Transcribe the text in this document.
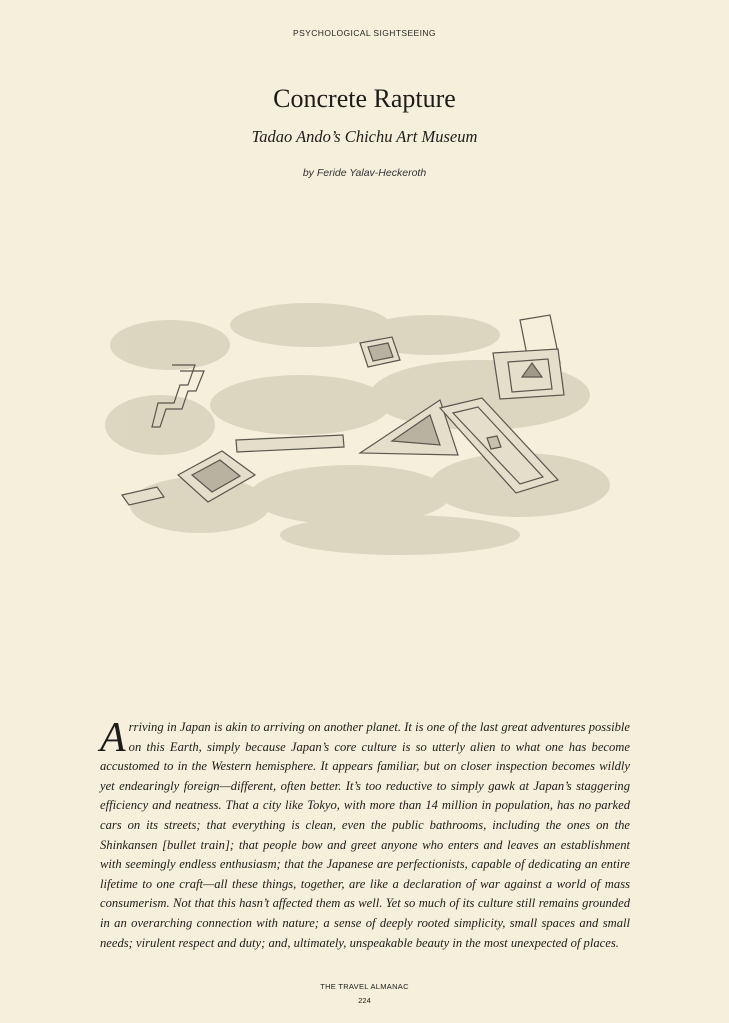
PSYCHOLOGICAL SIGHTSEEING
Concrete Rapture
Tadao Ando’s Chichu Art Museum
by Feride Yalav-Heckeroth

Arriving in Japan is akin to arriving on another planet. It is one of the last great adventures possible on this Earth, simply because Japan’s core culture is so utterly alien to what one has become accustomed to in the Western hemisphere. It appears familiar, but on closer inspection becomes wildly yet endearingly foreign—different, often better. It’s too reductive to simply gawk at Japan’s staggering efficiency and neatness. That a city like Tokyo, with more than 14 million in population, has no parked cars on its streets; that everything is clean, even the public bathrooms, including the ones on the Shinkansen [bullet train]; that people bow and greet anyone who enters and leaves an establishment with seemingly endless enthusiasm; that the Japanese are perfectionists, capable of dedicating an entire lifetime to one craft—all these things, together, are like a declaration of war against a world of mass consumerism. Not that this hasn’t affected them as well. Yet so much of its culture still remains grounded in an overarching connection with nature; a sense of deeply rooted simplicity, small spaces and small needs; virulent respect and duty; and, ultimately, unspeakable beauty in the most unexpected of places.

THE TRAVEL ALMANAC
224
